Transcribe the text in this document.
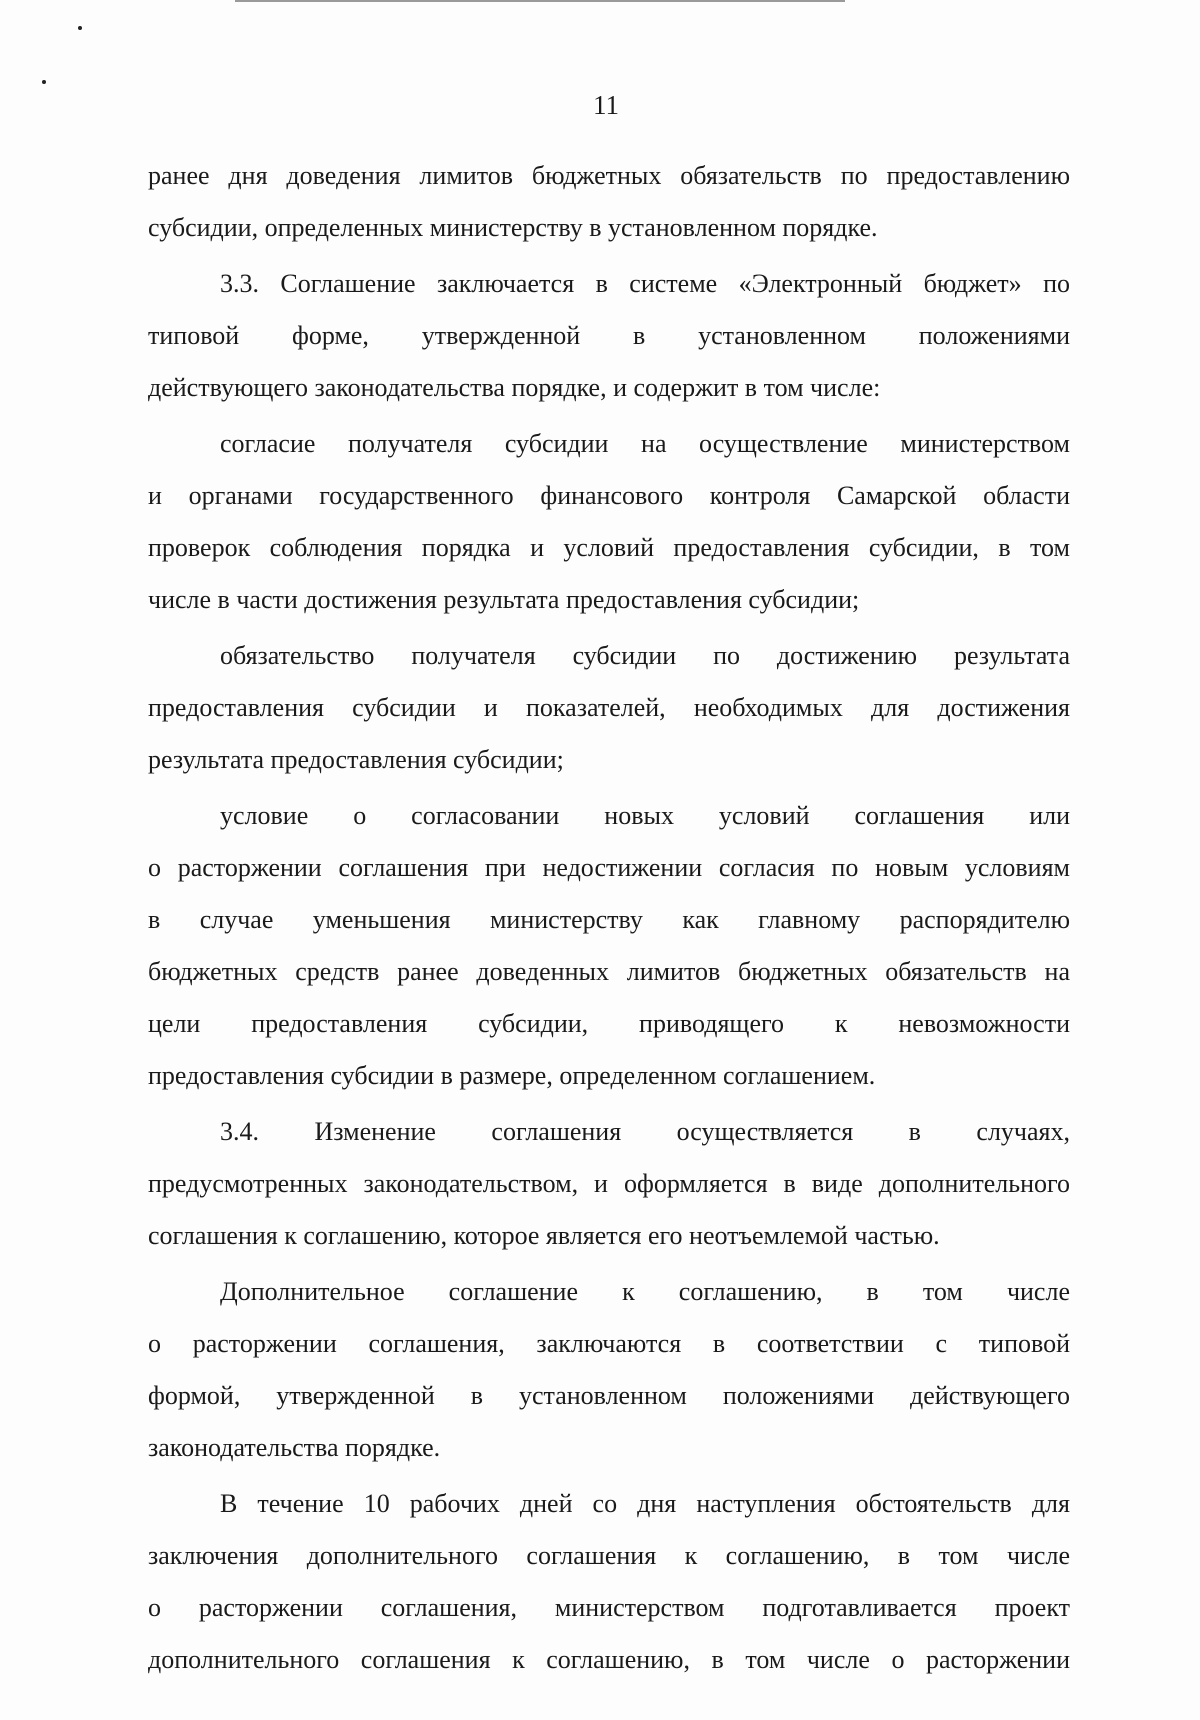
11
ранее дня доведения лимитов бюджетных обязательств по предоставлению
субсидии, определенных министерству в установленном порядке.
3.3. Соглашение заключается в системе «Электронный бюджет» по
типовой форме, утвержденной в установленном положениями
действующего законодательства порядке, и содержит в том числе:
согласие получателя субсидии на осуществление министерством
и органами государственного финансового контроля Самарской области
проверок соблюдения порядка и условий предоставления субсидии, в том
числе в части достижения результата предоставления субсидии;
обязательство получателя субсидии по достижению результата
предоставления субсидии и показателей, необходимых для достижения
результата предоставления субсидии;
условие о согласовании новых условий соглашения или
о расторжении соглашения при недостижении согласия по новым условиям
в случае уменьшения министерству как главному распорядителю
бюджетных средств ранее доведенных лимитов бюджетных обязательств на
цели предоставления субсидии, приводящего к невозможности
предоставления субсидии в размере, определенном соглашением.
3.4. Изменение соглашения осуществляется в случаях,
предусмотренных законодательством, и оформляется в виде дополнительного
соглашения к соглашению, которое является его неотъемлемой частью.
Дополнительное соглашение к соглашению, в том числе
о расторжении соглашения, заключаются в соответствии с типовой
формой, утвержденной в установленном положениями действующего
законодательства порядке.
В течение 10 рабочих дней со дня наступления обстоятельств для
заключения дополнительного соглашения к соглашению, в том числе
о расторжении соглашения, министерством подготавливается проект
дополнительного соглашения к соглашению, в том числе о расторжении
